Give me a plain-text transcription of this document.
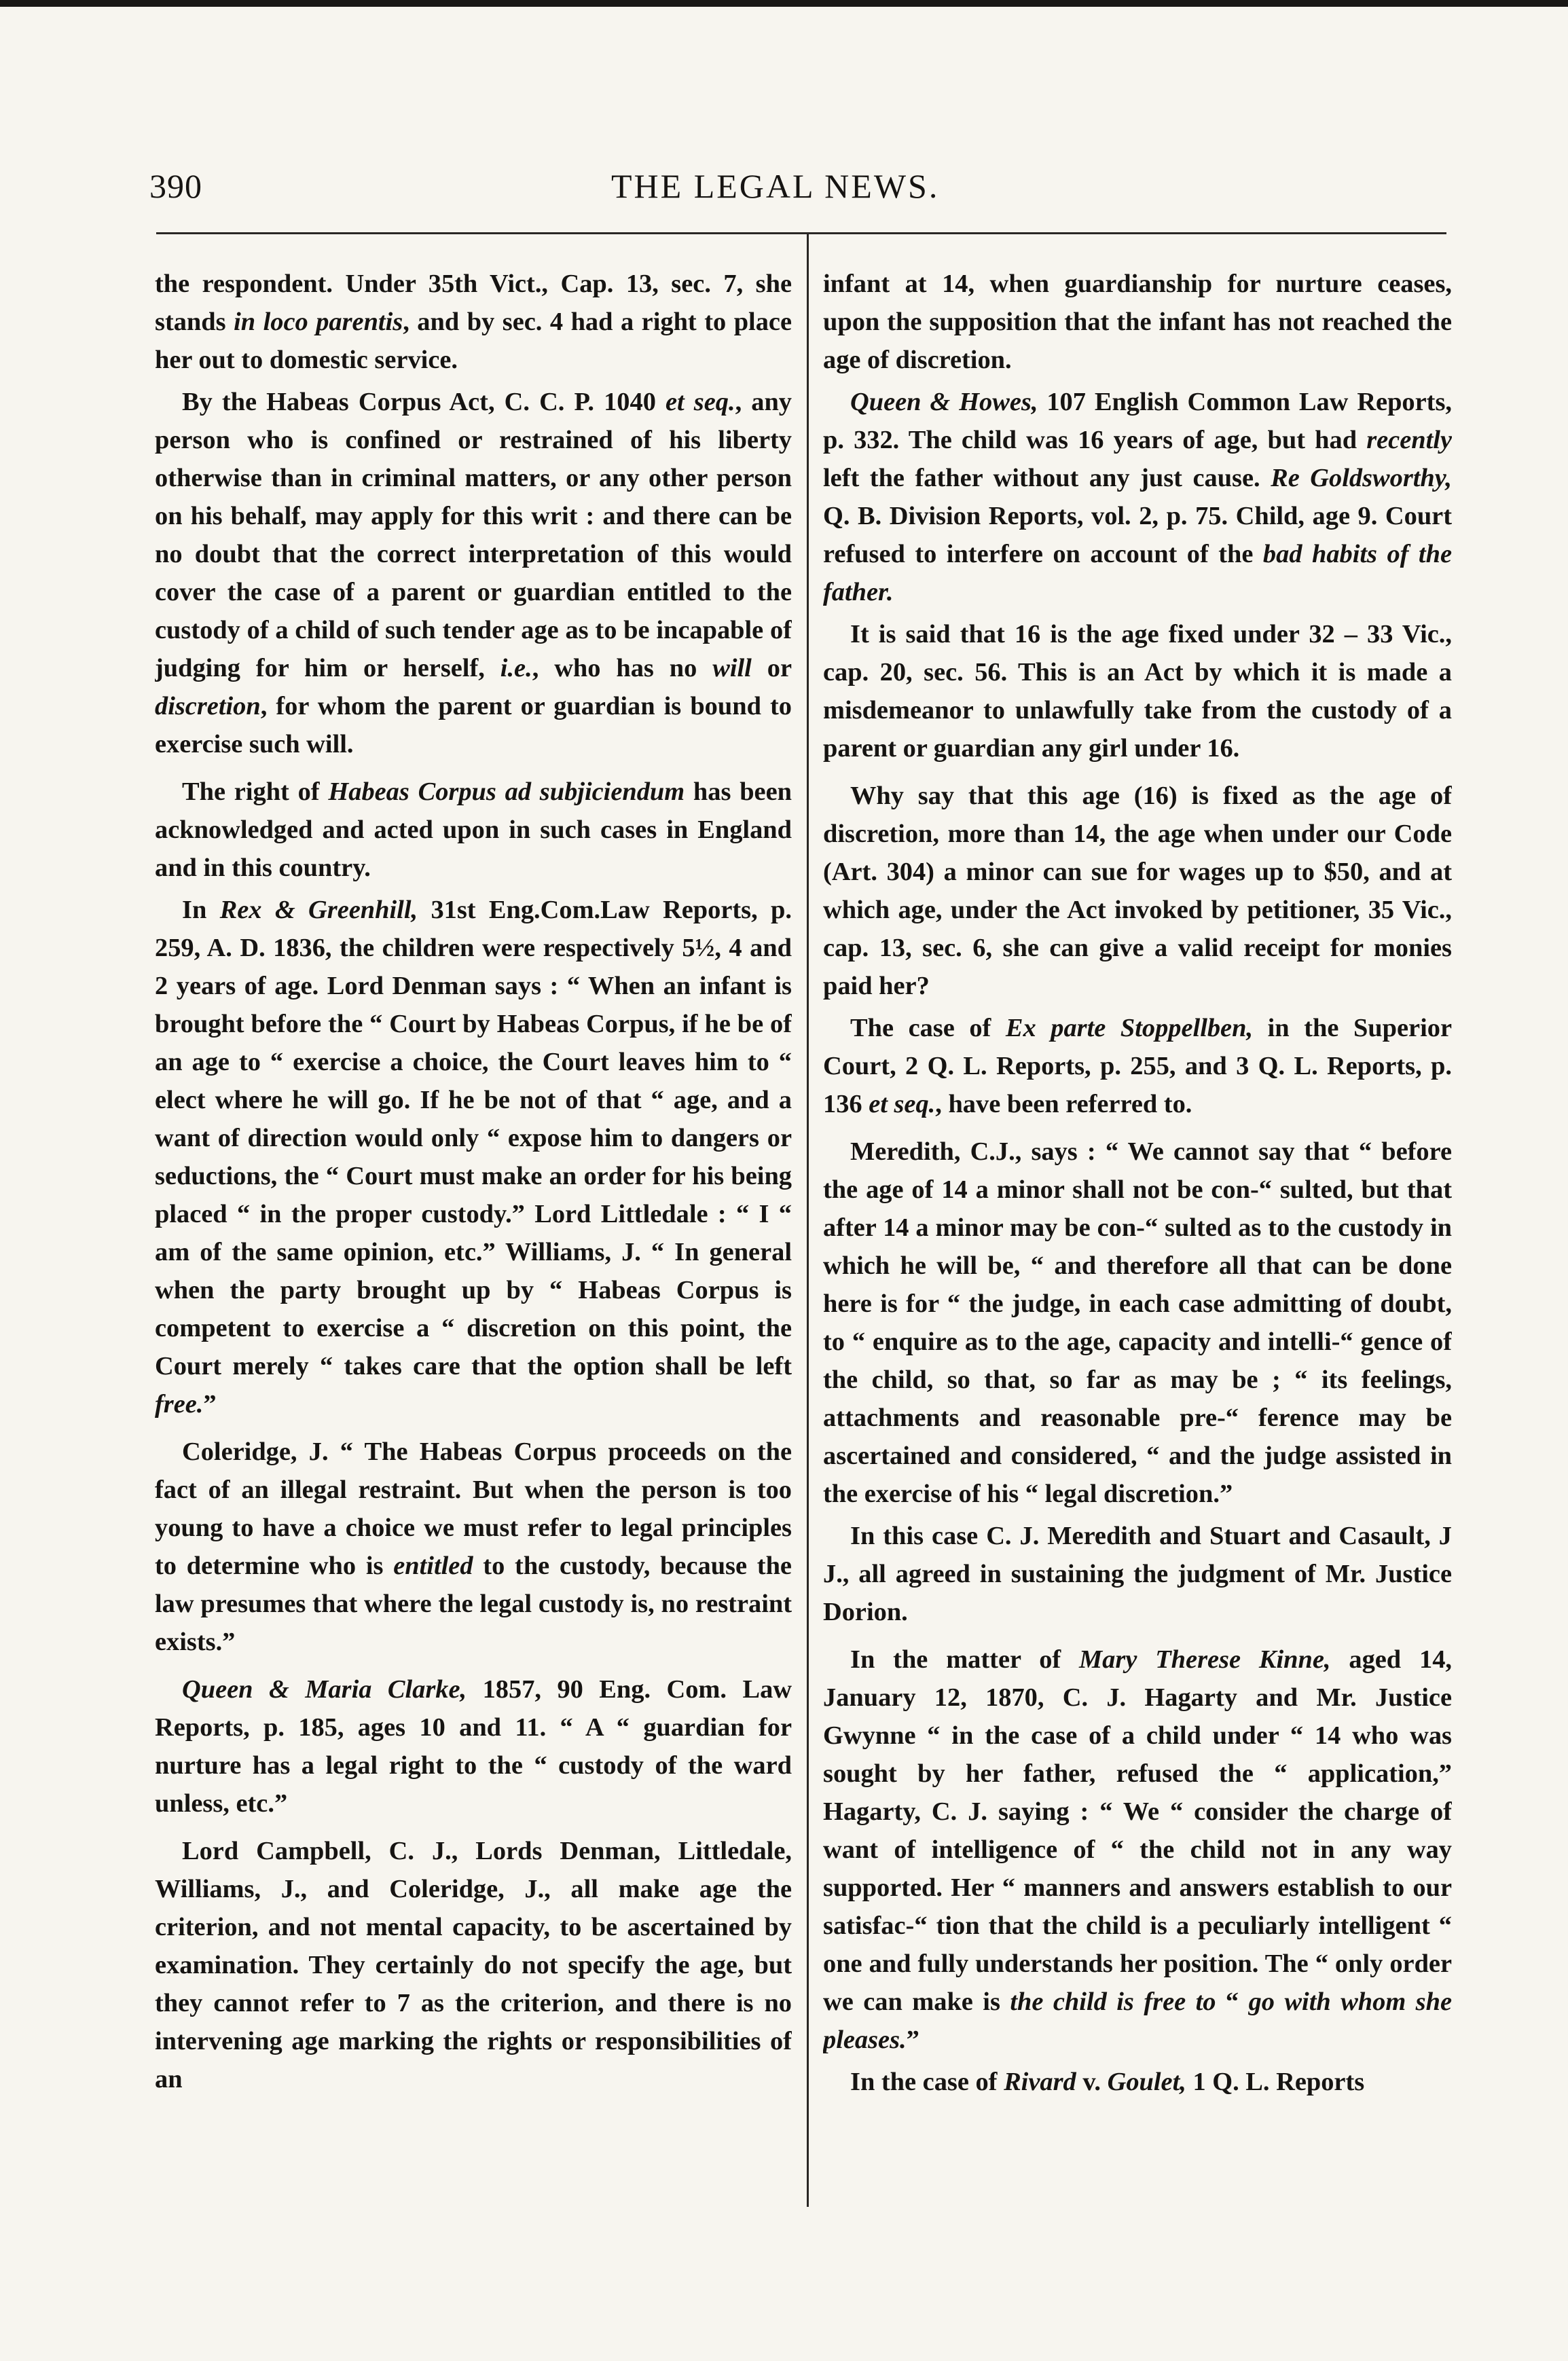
390	THE LEGAL NEWS.

the respondent. Under 35th Vict., Cap. 13, sec. 7, she stands in loco parentis, and by sec. 4 had a right to place her out to domestic service.

By the Habeas Corpus Act, C. C. P. 1040 et seq., any person who is confined or restrained of his liberty otherwise than in criminal matters, or any other person on his behalf, may apply for this writ : and there can be no doubt that the correct interpretation of this would cover the case of a parent or guardian entitled to the custody of a child of such tender age as to be incapable of judging for him or herself, i.e., who has no will or discretion, for whom the parent or guardian is bound to exercise such will.

The right of Habeas Corpus ad subjiciendum has been acknowledged and acted upon in such cases in England and in this country.

In Rex & Greenhill, 31st Eng.Com.Law Reports, p. 259, A. D. 1836, the children were respectively 5½, 4 and 2 years of age. Lord Denman says : “ When an infant is brought before the “ Court by Habeas Corpus, if he be of an age to “ exercise a choice, the Court leaves him to “ elect where he will go. If he be not of that “ age, and a want of direction would only “ expose him to dangers or seductions, the “ Court must make an order for his being placed “ in the proper custody.” Lord Littledale : “ I “ am of the same opinion, etc.” Williams, J. “ In general when the party brought up by “ Habeas Corpus is competent to exercise a “ discretion on this point, the Court merely “ takes care that the option shall be left free.”

Coleridge, J. “ The Habeas Corpus proceeds on the fact of an illegal restraint. But when the person is too young to have a choice we must refer to legal principles to determine who is entitled to the custody, because the law presumes that where the legal custody is, no restraint exists.”

Queen & Maria Clarke, 1857, 90 Eng. Com. Law Reports, p. 185, ages 10 and 11. “ A “ guardian for nurture has a legal right to the “ custody of the ward unless, etc.”

Lord Campbell, C. J., Lords Denman, Littledale, Williams, J., and Coleridge, J., all make age the criterion, and not mental capacity, to be ascertained by examination. They certainly do not specify the age, but they cannot refer to 7 as the criterion, and there is no intervening age marking the rights or responsibilities of an

infant at 14, when guardianship for nurture ceases, upon the supposition that the infant has not reached the age of discretion.

Queen & Howes, 107 English Common Law Reports, p. 332. The child was 16 years of age, but had recently left the father without any just cause. Re Goldsworthy, Q. B. Division Reports, vol. 2, p. 75. Child, age 9. Court refused to interfere on account of the bad habits of the father.

It is said that 16 is the age fixed under 32 – 33 Vic., cap. 20, sec. 56. This is an Act by which it is made a misdemeanor to unlawfully take from the custody of a parent or guardian any girl under 16.

Why say that this age (16) is fixed as the age of discretion, more than 14, the age when under our Code (Art. 304) a minor can sue for wages up to $50, and at which age, under the Act invoked by petitioner, 35 Vic., cap. 13, sec. 6, she can give a valid receipt for monies paid her?

The case of Ex parte Stoppellben, in the Superior Court, 2 Q. L. Reports, p. 255, and 3 Q. L. Reports, p. 136 et seq., have been referred to.

Meredith, C.J., says : “ We cannot say that “ before the age of 14 a minor shall not be con-“ sulted, but that after 14 a minor may be con-“ sulted as to the custody in which he will be, “ and therefore all that can be done here is for “ the judge, in each case admitting of doubt, to “ enquire as to the age, capacity and intelli-“ gence of the child, so that, so far as may be ; “ its feelings, attachments and reasonable pre-“ ference may be ascertained and considered, “ and the judge assisted in the exercise of his “ legal discretion.”

In this case C. J. Meredith and Stuart and Casault, J J., all agreed in sustaining the judgment of Mr. Justice Dorion.

In the matter of Mary Therese Kinne, aged 14, January 12, 1870, C. J. Hagarty and Mr. Justice Gwynne “ in the case of a child under “ 14 who was sought by her father, refused the “ application,” Hagarty, C. J. saying : “ We “ consider the charge of want of intelligence of “ the child not in any way supported. Her “ manners and answers establish to our satisfac-“ tion that the child is a peculiarly intelligent “ one and fully understands her position. The “ only order we can make is the child is free to “ go with whom she pleases.”

In the case of Rivard v. Goulet, 1 Q. L. Reports
